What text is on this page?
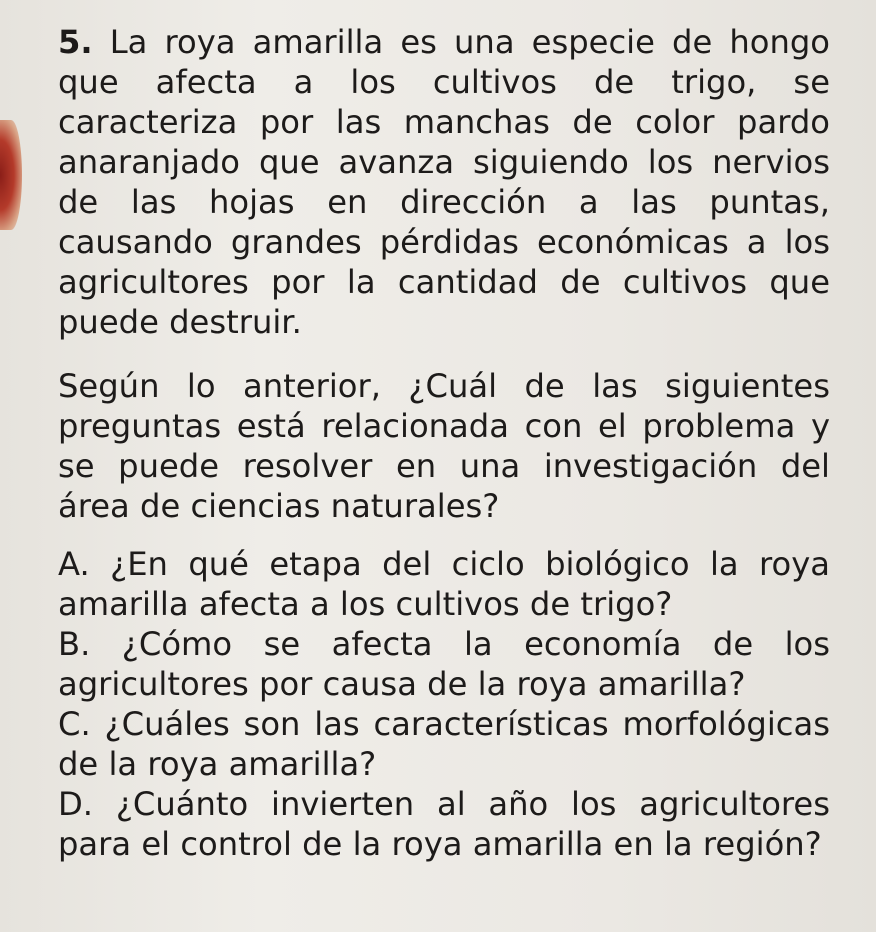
5. La roya amarilla es una especie de hongo
que afecta a los cultivos de trigo, se
caracteriza por las manchas de color pardo
anaranjado que avanza siguiendo los nervios
de las hojas en dirección a las puntas,
causando grandes pérdidas económicas a los
agricultores por la cantidad de cultivos que
puede destruir.
Según lo anterior, ¿Cuál de las siguientes
preguntas está relacionada con el problema y
se puede resolver en una investigación del
área de ciencias naturales?
A. ¿En qué etapa del ciclo biológico la roya
amarilla afecta a los cultivos de trigo?
B. ¿Cómo se afecta la economía de los
agricultores por causa de la roya amarilla?
C. ¿Cuáles son las características morfológicas
de la roya amarilla?
D. ¿Cuánto invierten al año los agricultores
para el control de la roya amarilla en la región?
